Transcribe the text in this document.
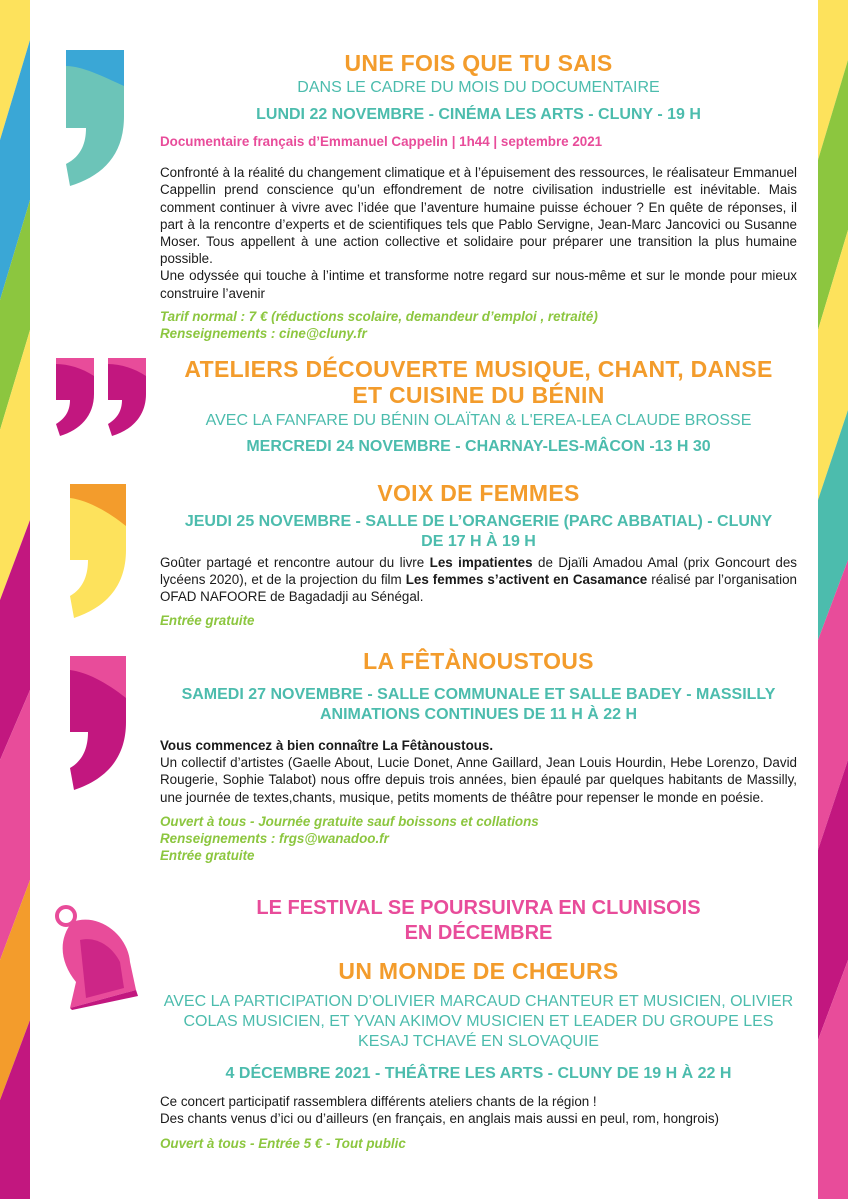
UNE FOIS QUE TU SAIS

DANS LE CADRE DU MOIS DU DOCUMENTAIRE

LUNDI 22 NOVEMBRE - CINÉMA LES ARTS - CLUNY - 19 H

Documentaire français d’Emmanuel Cappelin | 1h44 | septembre 2021

Confronté à la réalité du changement climatique et à l’épuisement des ressources, le réalisateur Emmanuel Cappellin prend conscience qu’un effondrement de notre civilisation industrielle est inévitable. Mais comment continuer à vivre avec l’idée que l’aventure humaine puisse échouer ? En quête de réponses, il part à la rencontre d’experts et de scientifiques tels que Pablo Servigne, Jean-Marc Jancovici ou Susanne Moser. Tous appellent à une action collective et solidaire pour préparer une transition la plus humaine possible.

Une odyssée qui touche à l’intime et transforme notre regard sur nous-même et sur le monde pour mieux construire l’avenir

Tarif normal : 7 € (réductions scolaire, demandeur d’emploi , retraité)

Renseignements : cine@cluny.fr

ATELIERS DÉCOUVERTE MUSIQUE, CHANT, DANSE

ET CUISINE DU BÉNIN

AVEC LA FANFARE DU BÉNIN OLAÏTAN & L'EREA-LEA CLAUDE BROSSE

MERCREDI 24 NOVEMBRE - CHARNAY-LES-MÂCON -13 H 30

VOIX DE FEMMES

JEUDI 25 NOVEMBRE - SALLE DE L’ORANGERIE (PARC ABBATIAL) - CLUNY

DE 17 H À 19 H

Goûter partagé et rencontre autour du livre Les impatientes de Djaïli Amadou Amal (prix Goncourt des lycéens 2020), et de la projection du film Les femmes s’activent en Casamance réalisé par l’organisation OFAD NAFOORE de Bagadadji au Sénégal.

Entrée gratuite

LA FÊTÀNOUSTOUS

SAMEDI 27 NOVEMBRE - SALLE COMMUNALE ET SALLE BADEY - MASSILLY

ANIMATIONS CONTINUES DE 11 H À 22 H

Vous commencez à bien connaître La Fêtànoustous.

Un collectif d’artistes (Gaelle About, Lucie Donet, Anne Gaillard, Jean Louis Hourdin, Hebe Lorenzo, David Rougerie, Sophie Talabot) nous offre depuis trois années, bien épaulé par quelques habitants de Massilly, une journée de textes,chants, musique, petits moments de théâtre pour repenser le monde en poésie.

Ouvert à tous - Journée gratuite sauf boissons et collations

Renseignements : frgs@wanadoo.fr

Entrée gratuite

LE FESTIVAL SE POURSUIVRA EN CLUNISOIS

EN DÉCEMBRE

UN MONDE DE CHŒURS

AVEC LA PARTICIPATION D’OLIVIER MARCAUD CHANTEUR ET MUSICIEN, OLIVIER

COLAS MUSICIEN, ET YVAN AKIMOV MUSICIEN ET LEADER DU GROUPE LES

KESAJ TCHAVÉ EN SLOVAQUIE

4 DÉCEMBRE 2021 - THÉÂTRE LES ARTS - CLUNY DE 19 H À 22 H

Ce concert participatif rassemblera différents ateliers chants de la région !

Des chants venus d’ici ou d’ailleurs (en français, en anglais mais aussi en peul, rom, hongrois)

Ouvert à tous - Entrée 5 € - Tout public
